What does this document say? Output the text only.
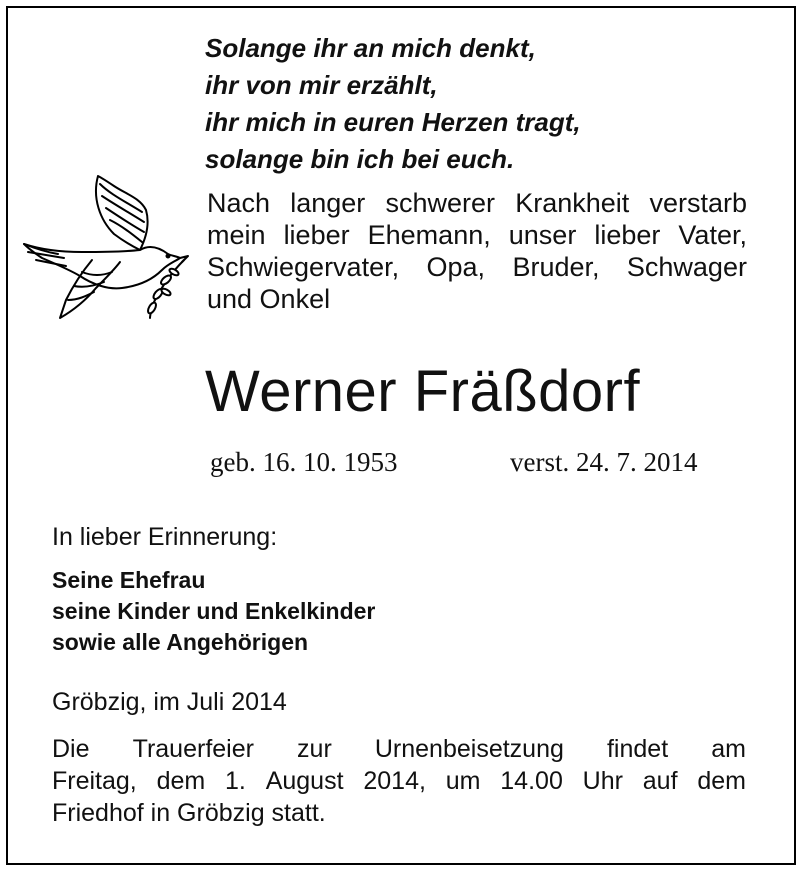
Solange ihr an mich denkt,
ihr von mir erzählt,
ihr mich in euren Herzen tragt,
solange bin ich bei euch.
Nach langer schwerer Krankheit verstarb
mein lieber Ehemann, unser lieber Vater,
Schwiegervater, Opa, Bruder, Schwager
und Onkel
Werner Fräßdorf
geb. 16. 10. 1953	verst. 24. 7. 2014
In lieber Erinnerung:
Seine Ehefrau
seine Kinder und Enkelkinder
sowie alle Angehörigen
Gröbzig, im Juli 2014
Die Trauerfeier zur Urnenbeisetzung findet am
Freitag, dem 1. August 2014, um 14.00 Uhr auf dem
Friedhof in Gröbzig statt.
